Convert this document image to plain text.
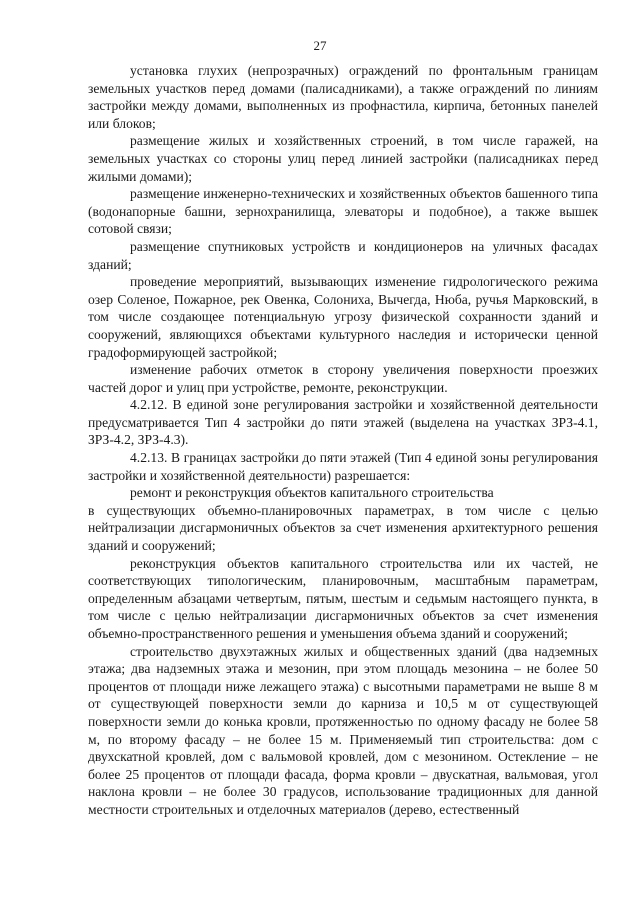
27

установка глухих (непрозрачных) ограждений по фронтальным границам земельных участков перед домами (палисадниками), а также ограждений по линиям застройки между домами, выполненных из профнастила, кирпича, бетонных панелей или блоков;

размещение жилых и хозяйственных строений, в том числе гаражей, на земельных участках со стороны улиц перед линией застройки (палисадниках перед жилыми домами);

размещение инженерно-технических и хозяйственных объектов башенного типа (водонапорные башни, зернохранилища, элеваторы и подобное), а также вышек сотовой связи;

размещение спутниковых устройств и кондиционеров на уличных фасадах зданий;

проведение мероприятий, вызывающих изменение гидрологического режима озер Соленое, Пожарное, рек Овенка, Солониха, Вычегда, Нюба, ручья Марковский, в том числе создающее потенциальную угрозу физической сохранности зданий и сооружений, являющихся объектами культурного наследия и исторически ценной градоформирующей застройкой;

изменение рабочих отметок в сторону увеличения поверхности проезжих частей дорог и улиц при устройстве, ремонте, реконструкции.

4.2.12. В единой зоне регулирования застройки и хозяйственной деятельности предусматривается Тип 4 застройки до пяти этажей (выделена на участках ЗРЗ-4.1, ЗРЗ-4.2, ЗРЗ-4.3).

4.2.13. В границах застройки до пяти этажей (Тип 4 единой зоны регулирования застройки и хозяйственной деятельности) разрешается:

ремонт и реконструкция объектов капитального строительства

в существующих объемно-планировочных параметрах, в том числе с целью нейтрализации дисгармоничных объектов за счет изменения архитектурного решения зданий и сооружений;

реконструкция объектов капитального строительства или их частей, не соответствующих типологическим, планировочным, масштабным параметрам, определенным абзацами четвертым, пятым, шестым и седьмым настоящего пункта, в том числе с целью нейтрализации дисгармоничных объектов за счет изменения объемно-пространственного решения и уменьшения объема зданий и сооружений;

строительство двухэтажных жилых и общественных зданий (два надземных этажа; два надземных этажа и мезонин, при этом площадь мезонина – не более 50 процентов от площади ниже лежащего этажа) с высотными параметрами не выше 8 м от существующей поверхности земли до карниза и 10,5 м от существующей поверхности земли до конька кровли, протяженностью по одному фасаду не более 58 м, по второму фасаду – не более 15 м. Применяемый тип строительства: дом с двухскатной кровлей, дом с вальмовой кровлей, дом с мезонином. Остекление – не более 25 процентов от площади фасада, форма кровли – двускатная, вальмовая, угол наклона кровли – не более 30 градусов, использование традиционных для данной местности строительных и отделочных материалов (дерево, естественный
